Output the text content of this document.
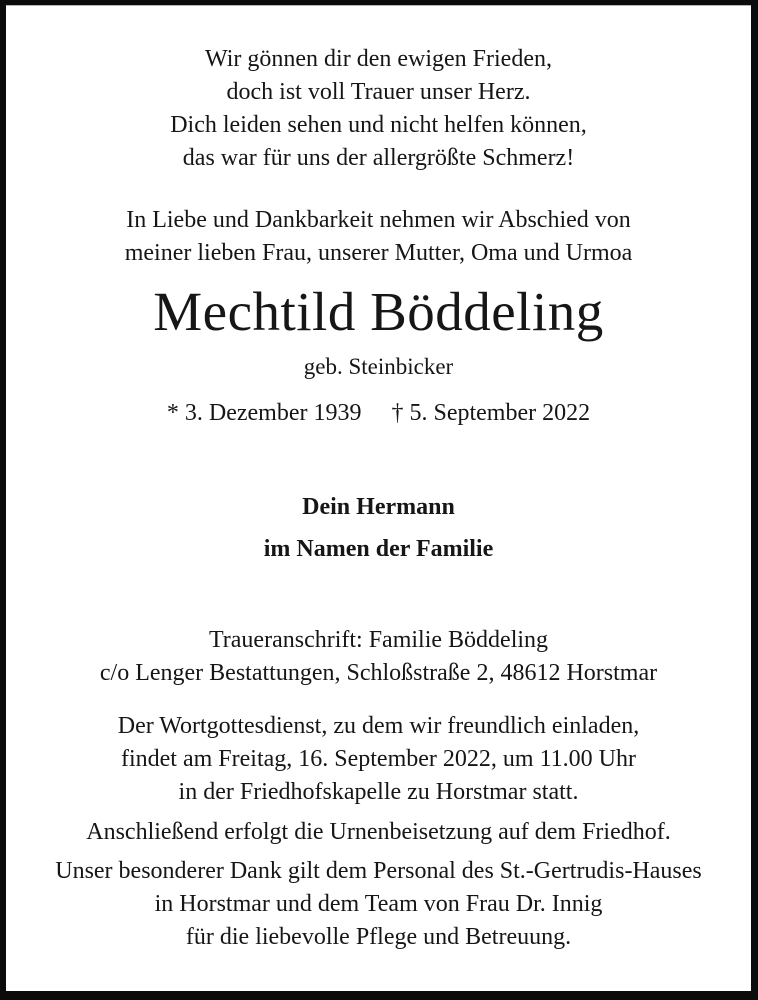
Wir gönnen dir den ewigen Frieden,
doch ist voll Trauer unser Herz.
Dich leiden sehen und nicht helfen können,
das war für uns der allergrößte Schmerz!
In Liebe und Dankbarkeit nehmen wir Abschied von
meiner lieben Frau, unserer Mutter, Oma und Urmoa
Mechtild Böddeling
geb. Steinbicker
* 3. Dezember 1939 † 5. September 2022
Dein Hermann
im Namen der Familie
Traueranschrift: Familie Böddeling
c/o Lenger Bestattungen, Schloßstraße 2, 48612 Horstmar
Der Wortgottesdienst, zu dem wir freundlich einladen,
findet am Freitag, 16. September 2022, um 11.00 Uhr
in der Friedhofskapelle zu Horstmar statt.
Anschließend erfolgt die Urnenbeisetzung auf dem Friedhof.
Unser besonderer Dank gilt dem Personal des St.-Gertrudis-Hauses
in Horstmar und dem Team von Frau Dr. Innig
für die liebevolle Pflege und Betreuung.
